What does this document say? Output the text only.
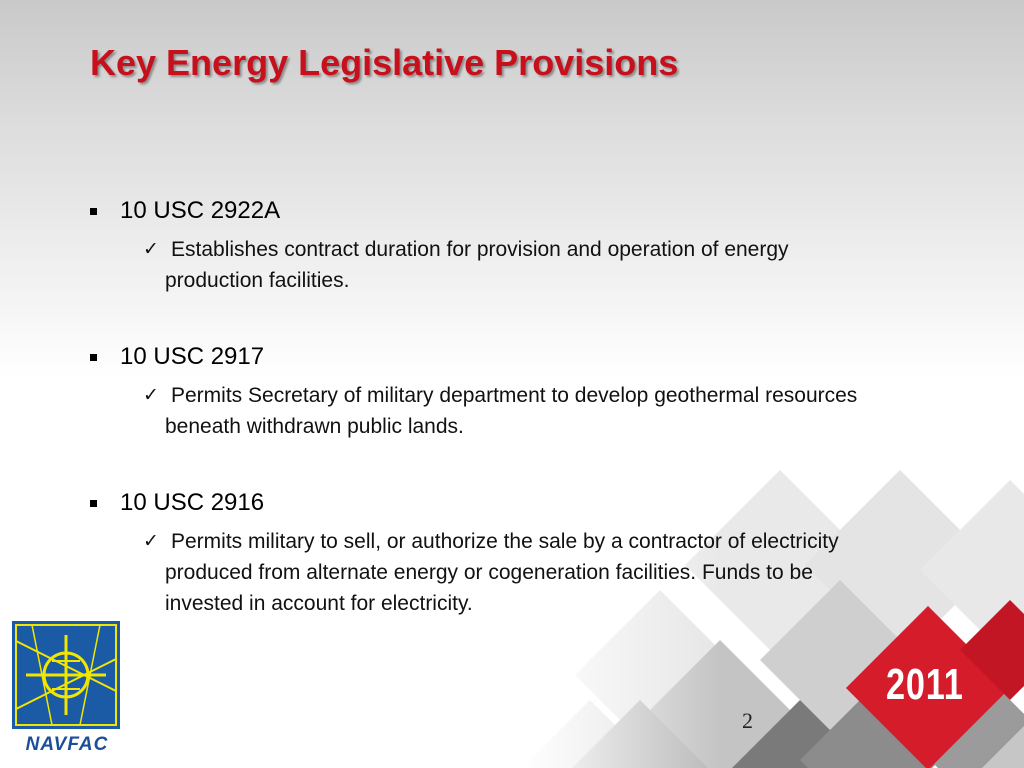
Key Energy Legislative Provisions
10 USC 2922A
✓ Establishes contract duration for provision and operation of energy production facilities.
10 USC 2917
✓ Permits Secretary of military department to develop geothermal resources beneath withdrawn public lands.
10 USC 2916
✓ Permits military to sell, or authorize the sale by a contractor of electricity produced from alternate energy or cogeneration facilities. Funds to be invested in account for electricity.
NAVFAC
2011
2
